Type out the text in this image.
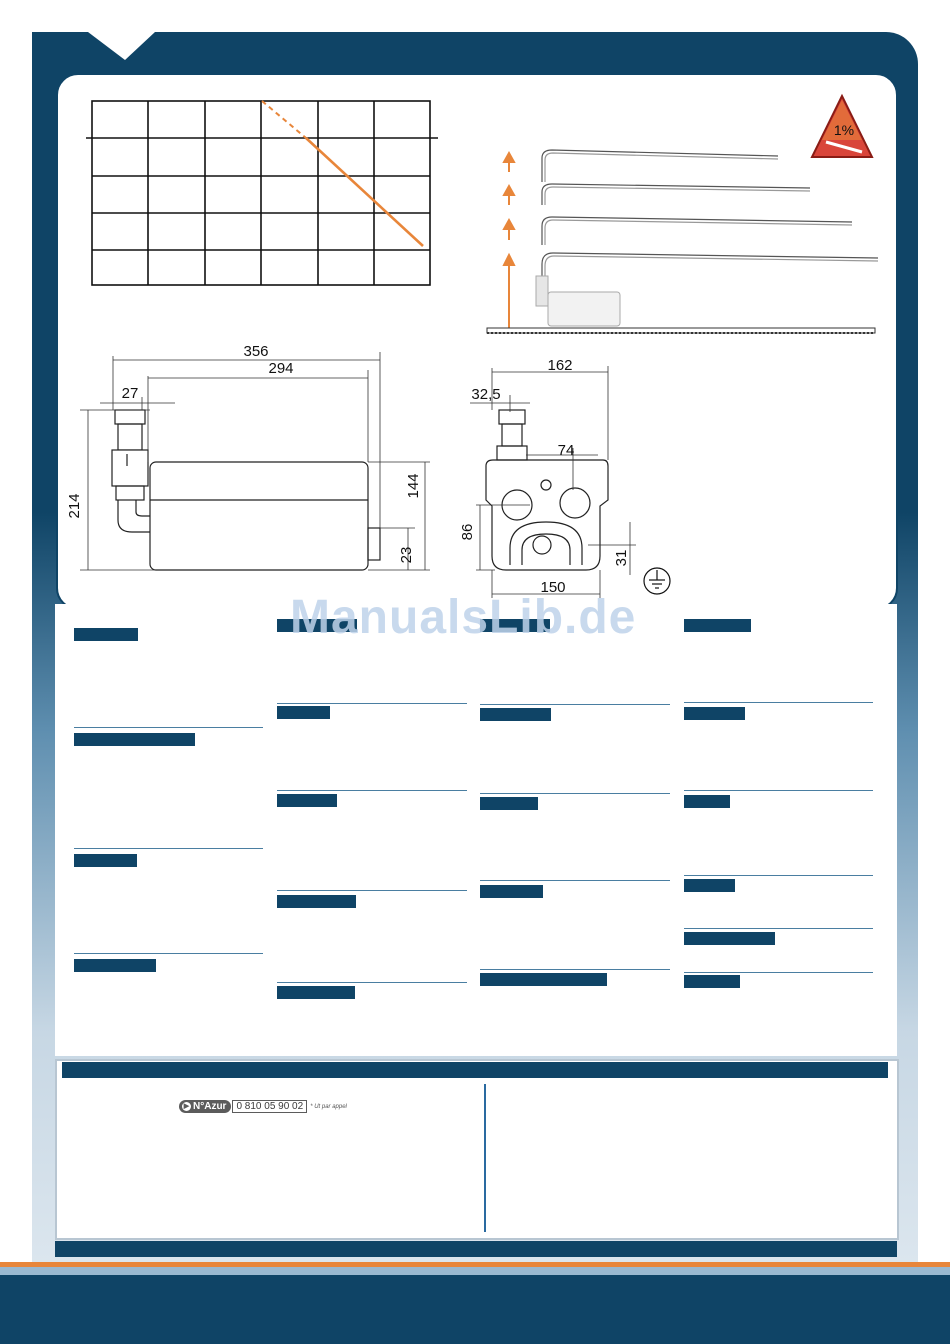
1%
356
294
27
214
144
23
162
32,5
74
86
31
150
ManualsLib.de
▶ N°Azur	0 810 05 90 02	* Ut par appel
